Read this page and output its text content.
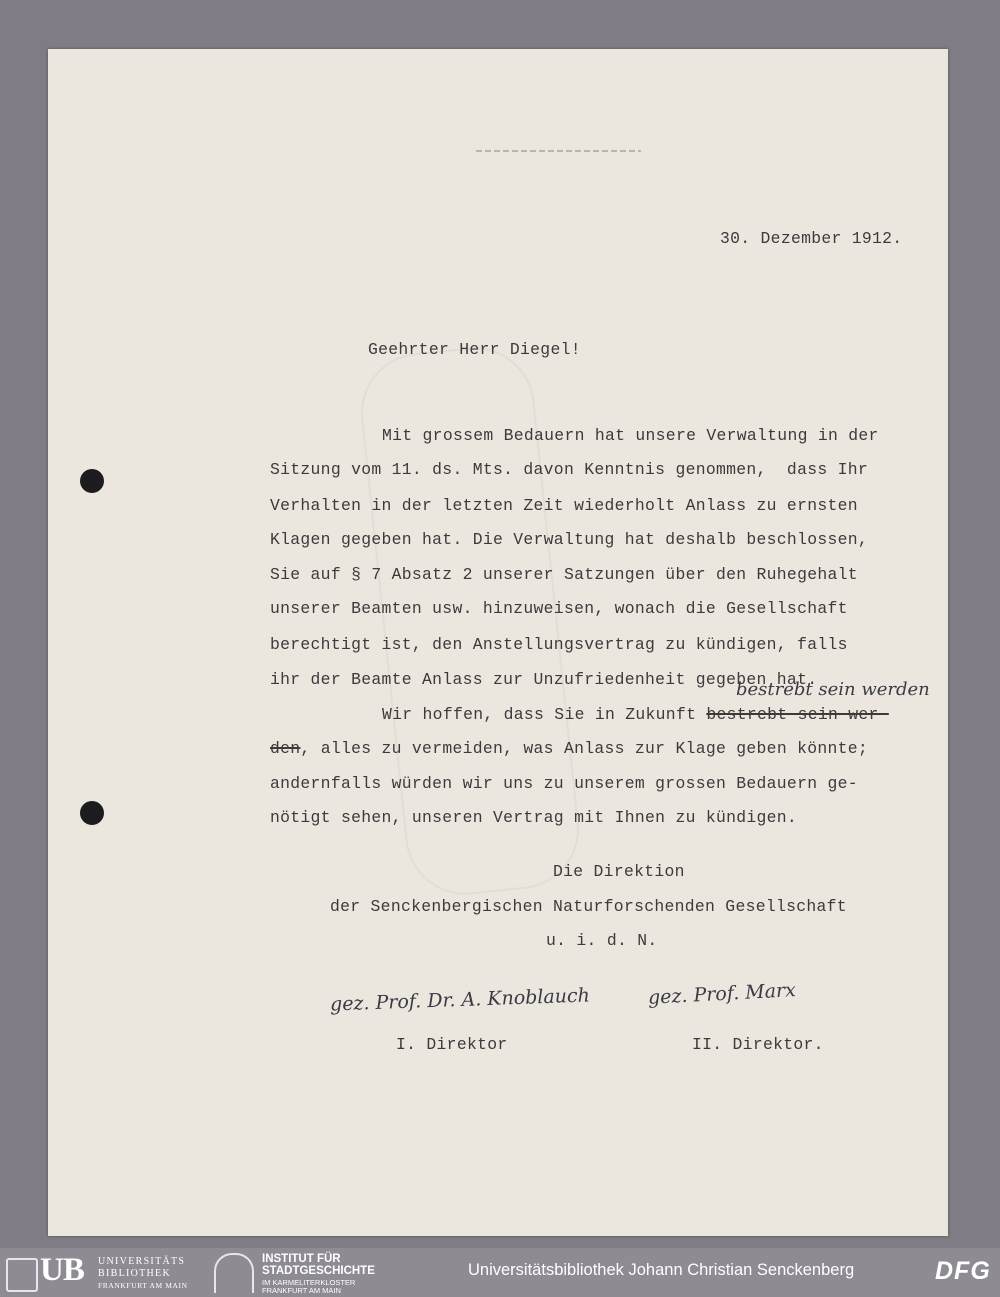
30. Dezember 1912.

Geehrter Herr Diegel!

Mit grossem Bedauern hat unsere Verwaltung in der

Sitzung vom 11. ds. Mts. davon Kenntnis genommen,  dass Ihr

Verhalten in der letzten Zeit wiederholt Anlass zu ernsten

Klagen gegeben hat. Die Verwaltung hat deshalb beschlossen,

Sie auf § 7 Absatz 2 unserer Satzungen über den Ruhegehalt

unserer Beamten usw. hinzuweisen, wonach die Gesellschaft

berechtigt ist, den Anstellungsvertrag zu kündigen, falls

ihr der Beamte Anlass zur Unzufriedenheit gegeben hat.

bestrebt sein werden

Wir hoffen, dass Sie in Zukunft bestrebt sein wer-

den, alles zu vermeiden, was Anlass zur Klage geben könnte;

andernfalls würden wir uns zu unserem grossen Bedauern ge-

nötigt sehen, unseren Vertrag mit Ihnen zu kündigen.

Die Direktion

der Senckenbergischen Naturforschenden Gesellschaft

u. i. d. N.

gez. Prof. Dr. A. Knoblauch	gez. Prof. Marx

I. Direktor	II. Direktor.

UB UNIVERSITÄTS
BIBLIOTHEK
FRANKFURT AM MAIN
INSTITUT FÜR
STADTGESCHICHTE
IM KARMELITERKLOSTER
FRANKFURT AM MAIN
Universitätsbibliothek Johann Christian Senckenberg	DFG
